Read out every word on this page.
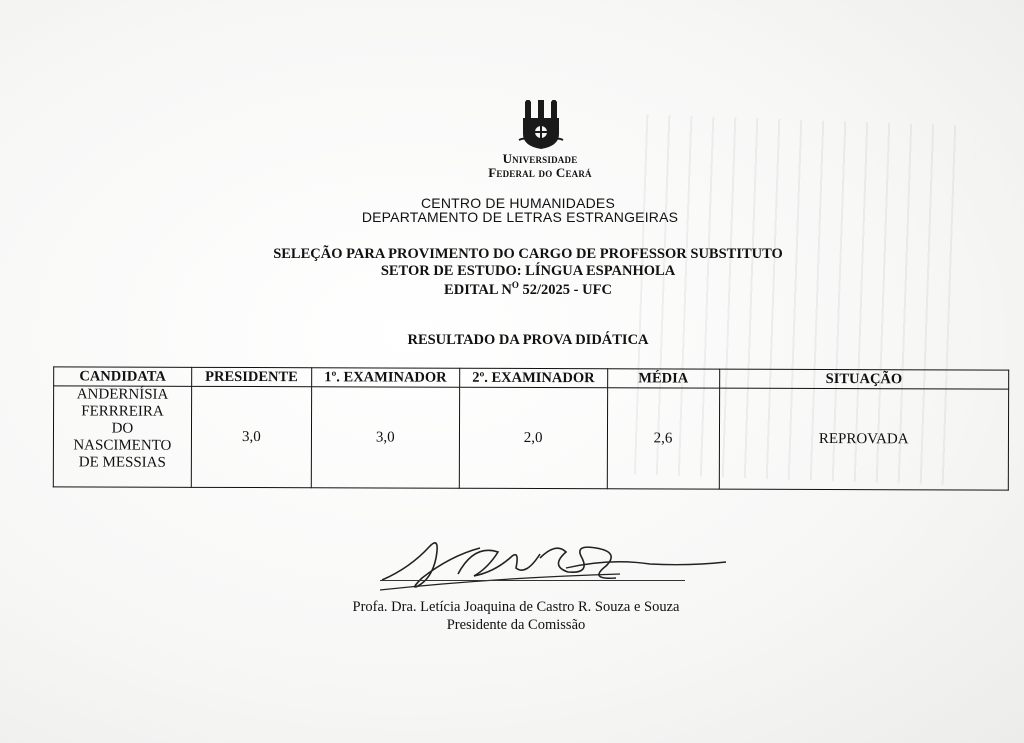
Universidade
Federal do Ceará
CENTRO DE HUMANIDADES
DEPARTAMENTO DE LETRAS ESTRANGEIRAS
SELEÇÃO PARA PROVIMENTO DO CARGO DE PROFESSOR SUBSTITUTO
SETOR DE ESTUDO: LÍNGUA ESPANHOLA
EDITAL $N^O$ 52/2025 - UFC
RESULTADO DA PROVA DIDÁTICA
CANDIDATA	PRESIDENTE	1º. EXAMINADOR	2º. EXAMINADOR	MÉDIA	SITUAÇÃO

ANDERNÍSIA
FERRREIRA
DO
NASCIMENTO
DE MESSIAS	3,0	3,0	2,0	2,6	REPROVADA
Profa. Dra. Letícia Joaquina de Castro R. Souza e Souza
Presidente da Comissão
